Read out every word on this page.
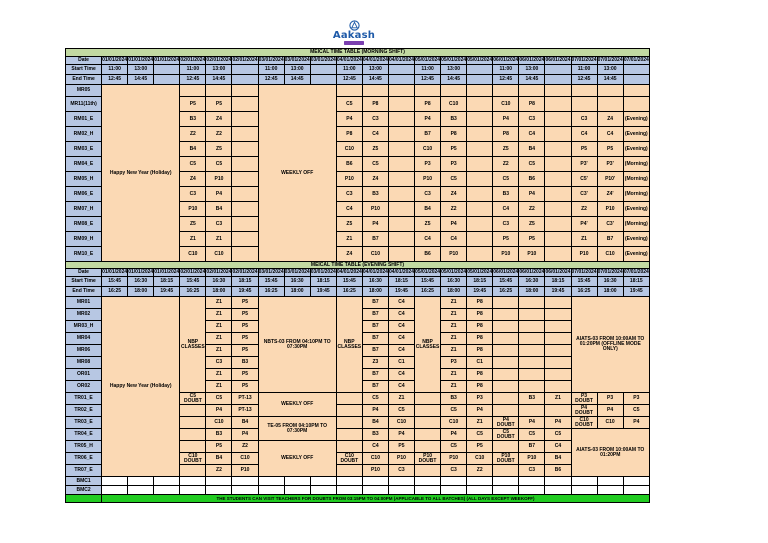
Aakash
MEICAL TIME TABLE (MORNING SHIFT)																					
Date	01/01/2024	01/01/2024	01/01/2024	02/01/2024	02/01/2024	02/01/2024	03/01/2024	03/01/2024	03/01/2024	04/01/2024	04/01/2024	04/01/2024	05/01/2024	05/01/2024	05/01/2024	06/01/2024	06/01/2024	06/01/2024	07/01/2024	07/01/2024	07/01/2024
Start Time	11:00	13:00		11:00	13:00		11:00	13:00		11:00	13:00		11:00	13:00		11:00	13:00		11:00	13:00	
End Time	12:45	14:45		12:45	14:45		12:45	14:45		12:45	14:45		12:45	14:45		12:45	14:45		12:45	14:45	
MR05	Happy New Year (Holiday)						WEEKLY OFF														
MR11(11th)				P5	P5					C5	P8		P8	C10		C10	P8				
RM01_E				B3	Z4					P4	C3		P4	B3		P4	C3		C3	Z4	(Evening)
RM02_H				Z2	Z2					P8	C4		B7	P8		P8	C4		C4	C4	(Evening)
RM03_E				B4	Z5					C10	Z5		C10	P5		Z5	B4		P5	P5	(Evening)
RM04_E				C5	C5					B6	C5		P3	P3		Z2	C5		P3'	P3'	(Morning)
RM05_H				Z4	P10					P10	Z4		P10	C5		C5	B6		C5'	P10'	(Morning)
RM06_E				C3	P4					C3	B3		C3	Z4		B3	P4		C3'	Z4'	(Morning)
RM07_H				P10	B4					C4	P10		B4	Z2		C4	Z2		Z2	P10	(Evening)
RM08_E				Z5	C3					Z5	P4		Z5	P4		C3	Z5		P4'	C3'	(Morning)
RM09_H				Z1	Z1					Z1	B7		C4	C4		P5	P5		Z1	B7	(Evening)
RM10_E				C10	C10					Z4	C10		B6	P10		P10	P10		P10	C10	(Evening)
MEICAL TIME TABLE (EVENING SHIFT)																					
Date	01/01/2024	01/01/2024	01/01/2024	02/01/2024	02/01/2024	02/01/2024	03/01/2024	03/01/2024	03/01/2024	04/01/2024	04/01/2024	04/01/2024	05/01/2024	05/01/2024	05/01/2024	06/01/2024	06/01/2024	06/01/2024	07/01/2024	07/01/2024	07/01/2024
Start Time	15:45	16:30	18:15	15:45	16:30	18:15	15:45	16:30	18:15	15:45	16:30	18:15	15:45	16:30	18:15	15:45	16:30	18:15	15:45	16:30	18:15
End Time	16:25	18:00	19:45	16:25	18:00	19:45	16:25	18:00	19:45	16:25	18:00	19:45	16:25	18:00	19:45	16:25	18:00	19:45	16:25	18:00	19:45
MR01	Happy New Year (Holiday)			NBP CLASSES	Z1	P5	NBTS-03 FROM 04:10PM TO 07:30PM			NBP CLASSES	B7	C4	NBP CLASSES	Z1	P8				AIATS-03 FROM 10:00AM TO 01:20PM (OFFLINE MODE ONLY)		
MR02					Z1	P5					B7	C4		Z1	P8						
MR03_H					Z1	P5					B7	C4		Z1	P8						
MR04					Z1	P5					B7	C4		Z1	P8						
MR06					Z1	P5					B7	C4		Z1	P8						
MR08					C3	B3					Z3	C1		P3	C1						
OR01					Z1	P5					B7	C4		Z1	P8						
OR02					Z1	P5					B7	C4		Z1	P8						
TR01_E				C5 DOUBT	C5	PT-13	WEEKLY OFF				C5	Z1		B3	P3		B3	Z1	P3 DOUBT	P3	P3
TR02_E					P4	PT-13					P4	C5		C5	P4				P4 DOUBT	P4	C5
TR03_E					C10	B4	TE-05 FROM 04:10PM TO 07:30PM				B4	C10		C10	Z1	P4 DOUBT	P4	P4	C10 DOUBT	C10	P4
TR04_E					B3	P4					B3	P4		P4	C5	C5 DOUBT	C5	C5	AIATS-03 FROM 10:00AM TO 01:20PM		
TR05_H					P5	Z2	WEEKLY OFF				C4	P5		C5	P5		B7	C4			
TR06_E				C10 DOUBT	B4	C10				C10 DOUBT	C10	P10	P10 DOUBT	P10	C10	P10 DOUBT	P10	B4			
TR07_E					Z2	P10					P10	C3		C3	Z2		C3	B6			
BMC1																					
BMC2																					
	THE STUDENTS CAN VISIT TEACHERS FOR DOUBTS FROM 03:15PM TO 04:00PM (APPLICABLE TO ALL BATCHES) (ALL DAYS EXCEPT WEEKOFF)																				
